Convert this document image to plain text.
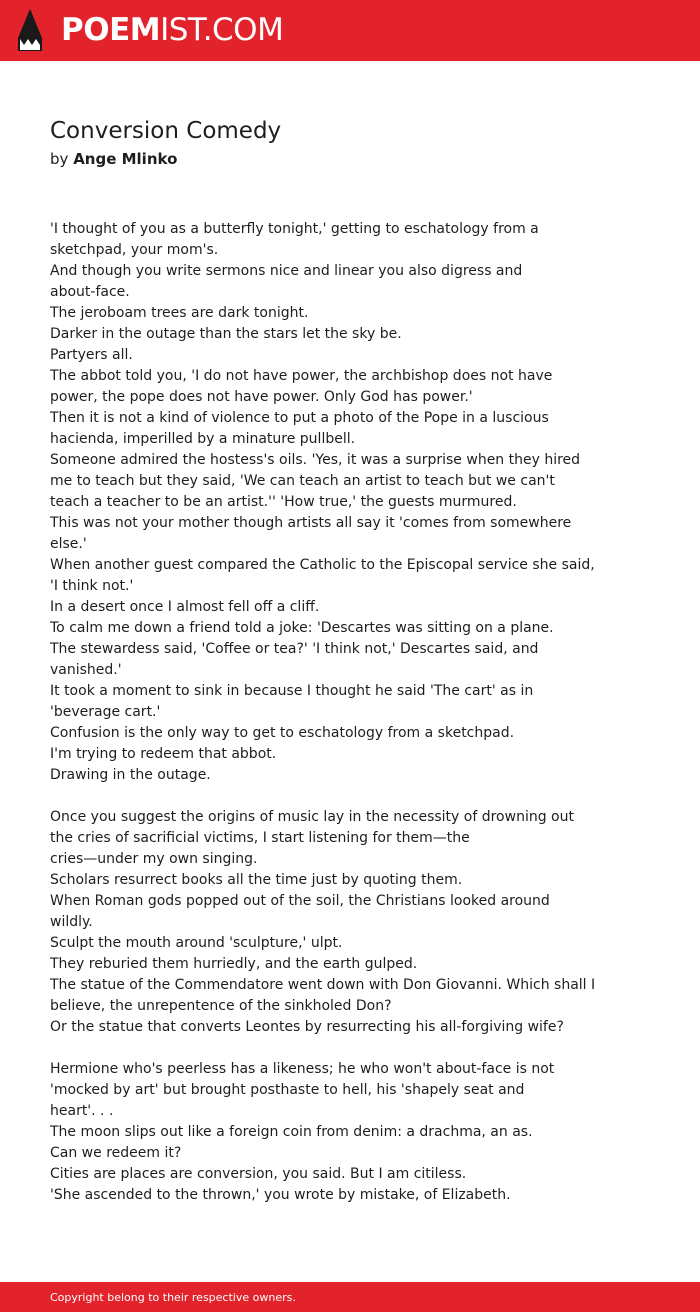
POEMIST.COM
Conversion Comedy
by Ange Mlinko
'I thought of you as a butterfly tonight,' getting to eschatology from a
sketchpad, your mom's.
And though you write sermons nice and linear you also digress and
about-face.
The jeroboam trees are dark tonight.
Darker in the outage than the stars let the sky be.
Partyers all.
The abbot told you, 'I do not have power, the archbishop does not have
power, the pope does not have power. Only God has power.'
Then it is not a kind of violence to put a photo of the Pope in a luscious
hacienda, imperilled by a minature pullbell.
Someone admired the hostess's oils. 'Yes, it was a surprise when they hired
me to teach but they said, 'We can teach an artist to teach but we can't
teach a teacher to be an artist.'' 'How true,' the guests murmured.
This was not your mother though artists all say it 'comes from somewhere
else.'
When another guest compared the Catholic to the Episcopal service she said,
'I think not.'
In a desert once I almost fell off a cliff.
To calm me down a friend told a joke: 'Descartes was sitting on a plane.
The stewardess said, 'Coffee or tea?' 'I think not,' Descartes said, and
vanished.'
It took a moment to sink in because I thought he said 'The cart' as in
'beverage cart.'
Confusion is the only way to get to eschatology from a sketchpad.
I'm trying to redeem that abbot.
Drawing in the outage.
Once you suggest the origins of music lay in the necessity of drowning out
the cries of sacrificial victims, I start listening for them—the
cries—under my own singing.
Scholars resurrect books all the time just by quoting them.
When Roman gods popped out of the soil, the Christians looked around
wildly.
Sculpt the mouth around 'sculpture,' ulpt.
They reburied them hurriedly, and the earth gulped.
The statue of the Commendatore went down with Don Giovanni. Which shall I
believe, the unrepentence of the sinkholed Don?
Or the statue that converts Leontes by resurrecting his all-forgiving wife?
Hermione who's peerless has a likeness; he who won't about-face is not
'mocked by art' but brought posthaste to hell, his 'shapely seat and
heart'. . .
The moon slips out like a foreign coin from denim: a drachma, an as.
Can we redeem it?
Cities are places are conversion, you said. But I am citiless.
'She ascended to the thrown,' you wrote by mistake, of Elizabeth.
Copyright belong to their respective owners.
